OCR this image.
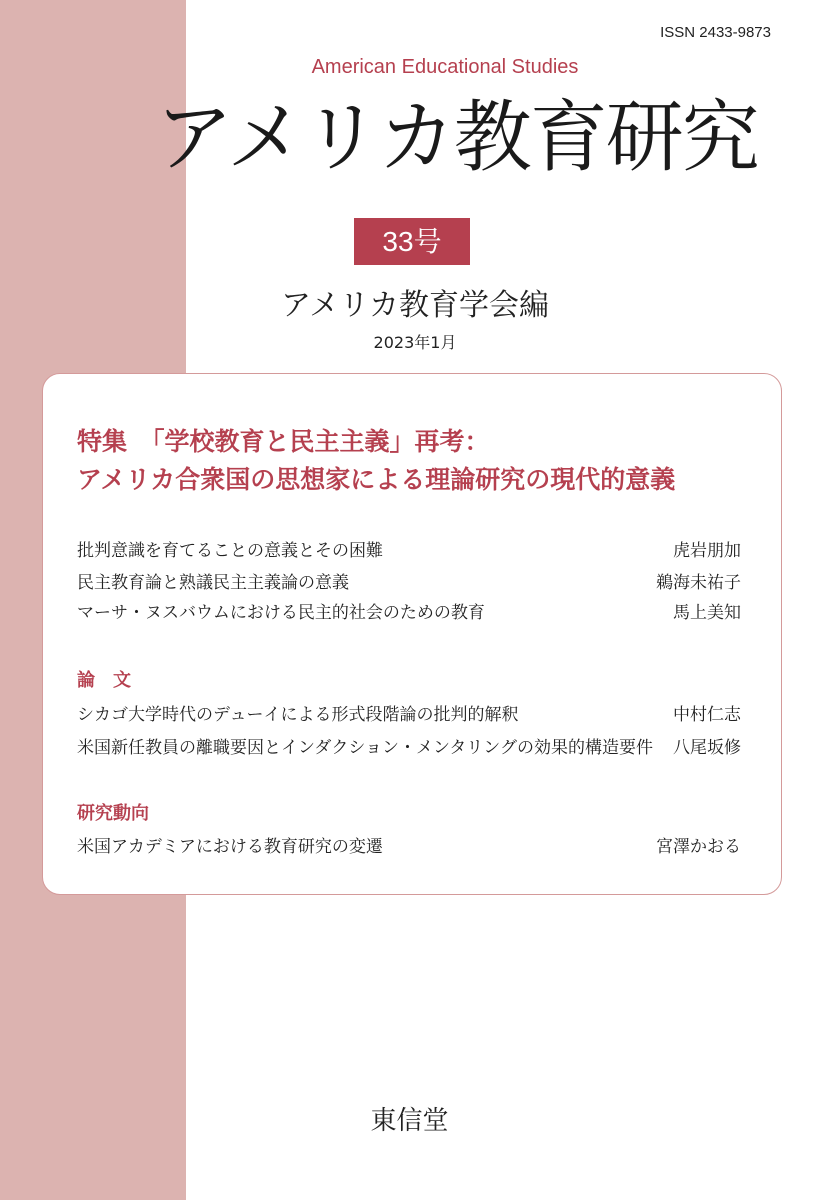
ISSN 2433-9873
American Educational Studies
アメリカ教育研究
33号
アメリカ教育学会編
2023年1月
特集　「学校教育と民主主義」再考：
アメリカ合衆国の思想家による理論研究の現代的意義
批判意識を育てることの意義とその困難	虎岩朋加
民主教育論と熟議民主主義論の意義	鵜海未祐子
マーサ・ヌスバウムにおける民主的社会のための教育	馬上美知
論　文
シカゴ大学時代のデューイによる形式段階論の批判的解釈	中村仁志
米国新任教員の離職要因とインダクション・メンタリングの効果的構造要件 八尾坂修
研究動向
米国アカデミアにおける教育研究の変遷	宮澤かおる
東信堂
